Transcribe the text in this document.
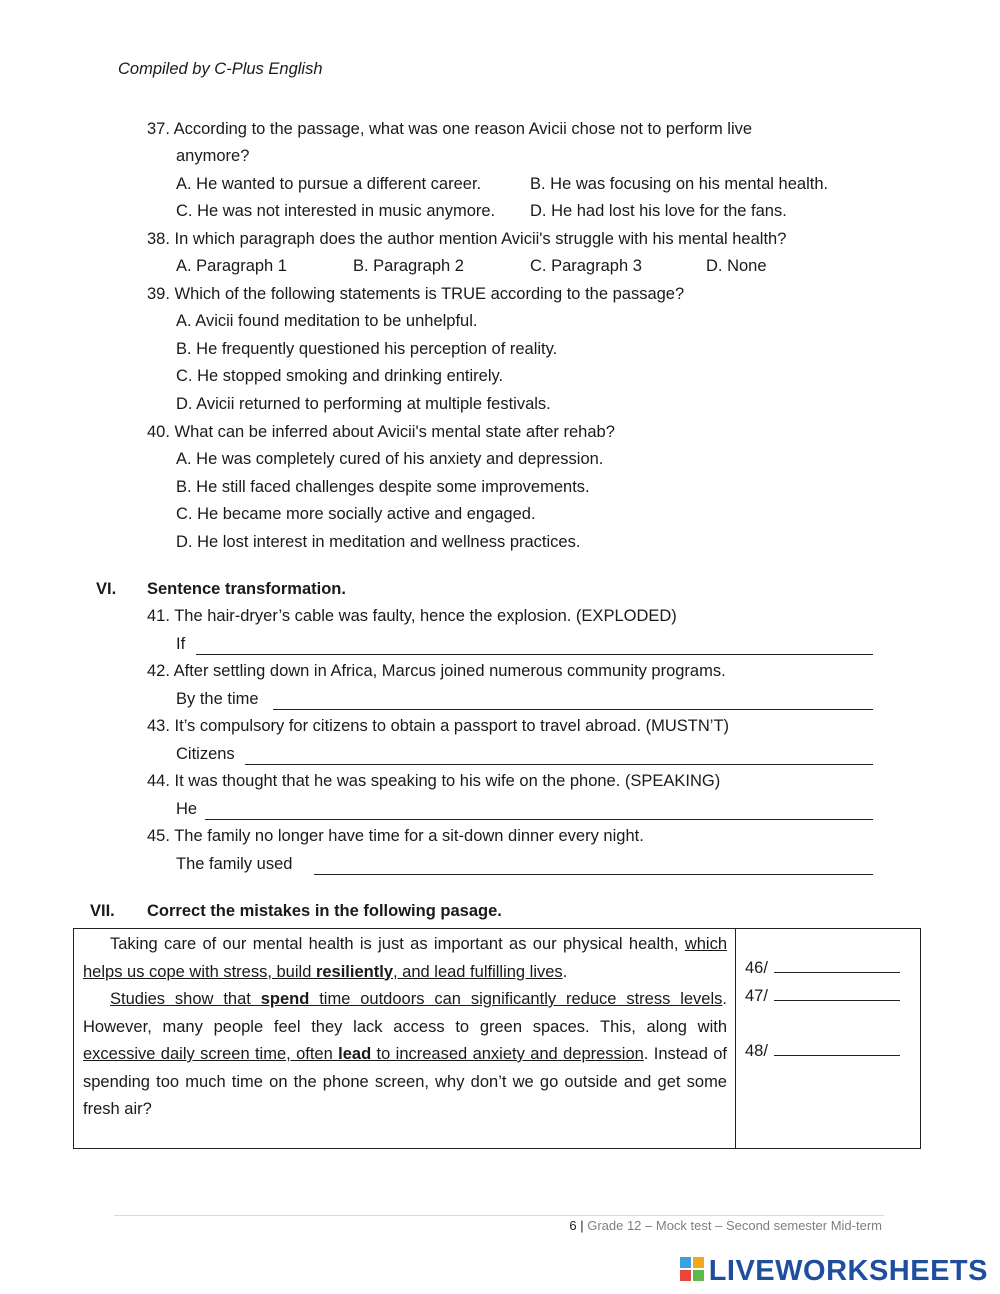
Compiled by C-Plus English
37. According to the passage, what was one reason Avicii chose not to perform live
anymore?
A. He wanted to pursue a different career.	B. He was focusing on his mental health.
C. He was not interested in music anymore. D. He had lost his love for the fans.
38. In which paragraph does the author mention Avicii's struggle with his mental health?
A. Paragraph 1	B. Paragraph 2	C. Paragraph 3	D. None
39. Which of the following statements is TRUE according to the passage?
A. Avicii found meditation to be unhelpful.
B. He frequently questioned his perception of reality.
C. He stopped smoking and drinking entirely.
D. Avicii returned to performing at multiple festivals.
40. What can be inferred about Avicii's mental state after rehab?
A. He was completely cured of his anxiety and depression.
B. He still faced challenges despite some improvements.
C. He became more socially active and engaged.
D. He lost interest in meditation and wellness practices.
VI. Sentence transformation.
41. The hair-dryer’s cable was faulty, hence the explosion. (EXPLODED)
If
42. After settling down in Africa, Marcus joined numerous community programs.
By the time
43. It’s compulsory for citizens to obtain a passport to travel abroad. (MUSTN’T)
Citizens
44. It was thought that he was speaking to his wife on the phone. (SPEAKING)
He
45. The family no longer have time for a sit-down dinner every night.
The family used
VII. Correct the mistakes in the following pasage.

Taking care of our mental health is just as important as our physical health, which helps us cope with stress, build resiliently, and lead fulfilling lives.

Studies show that spend time outdoors can significantly reduce stress levels. However, many people feel they lack access to green spaces. This, along with excessive daily screen time, often lead to increased anxiety and depression. Instead of spending too much time on the phone screen, why don’t we go outside and get some fresh air?

46/
47/
48/
6 | Grade 12 – Mock test – Second semester Mid-term
LIVEWORKSHEETS
